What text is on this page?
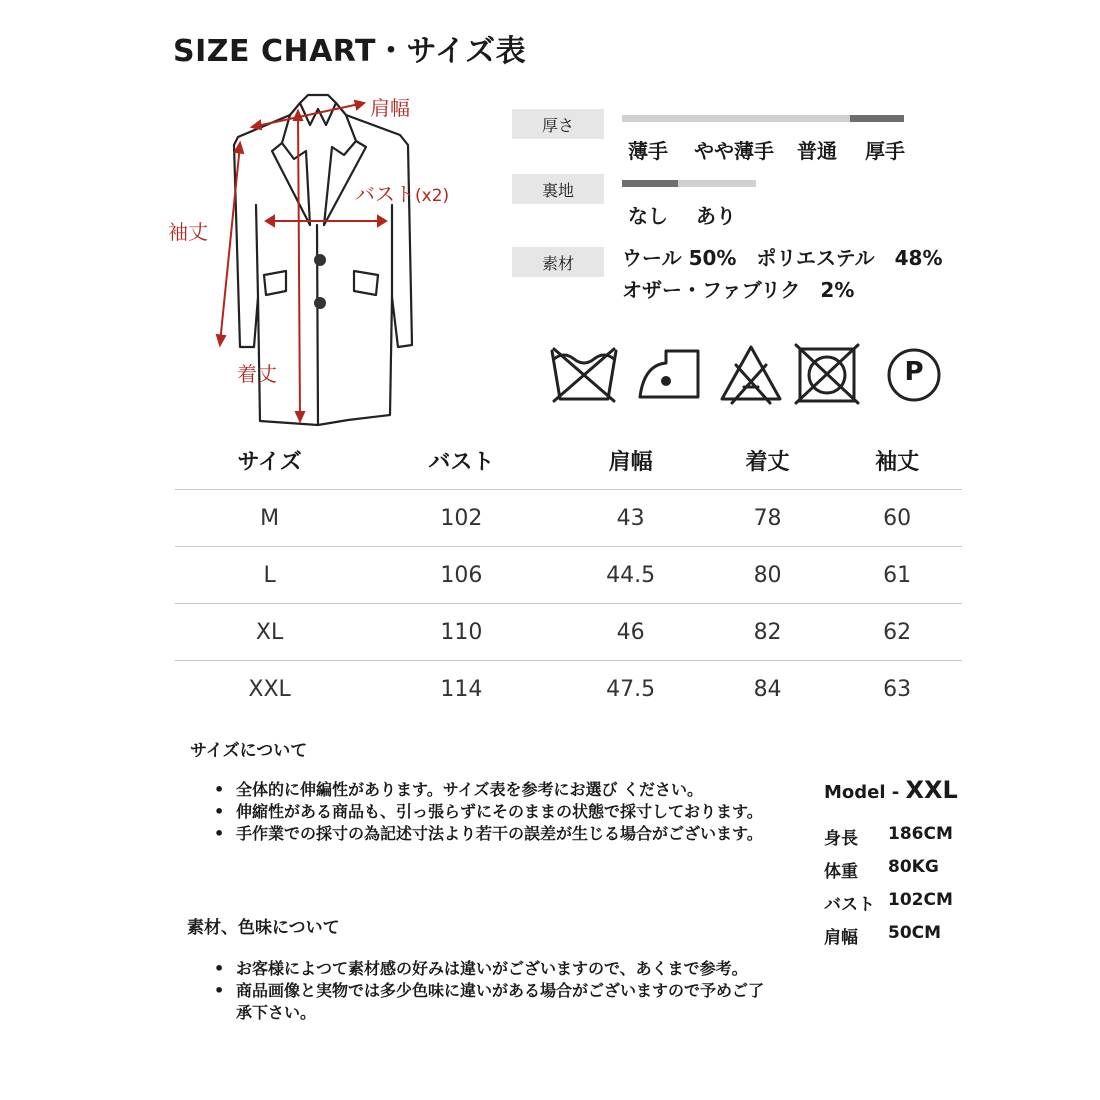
SIZE CHART・サイズ表
肩幅
バスト(x2)
袖丈
着丈
厚さ
薄手 やや薄手 普通 厚手
裏地
なし あり
素材	ウール 50%　ポリエステル　48%
オザー・ファブリク　2%
P
サイズ	バスト	肩幅	着丈	袖丈
M	102	43	78	60
L	106	44.5	80	61
XL	110	46	82	62
XXL	114	47.5	84	63
サイズについて
• 全体的に伸編性があります。サイズ表を参考にお選び ください。
• 伸縮性がある商品も、引っ張らずにそのままの状態で採寸しております。
• 手作業での採寸の為記述寸法より若干の誤差が生じる場合がございます。
素材、色味について
• お客様によつて素材感の好みは違いがございますので、あくまで参考。
• 商品画像と実物では多少色味に違いがある場合がございますので予めご了承下さい。
Model - XXL
身長	186CM
体重	80KG
バスト 102CM
肩幅	50CM
